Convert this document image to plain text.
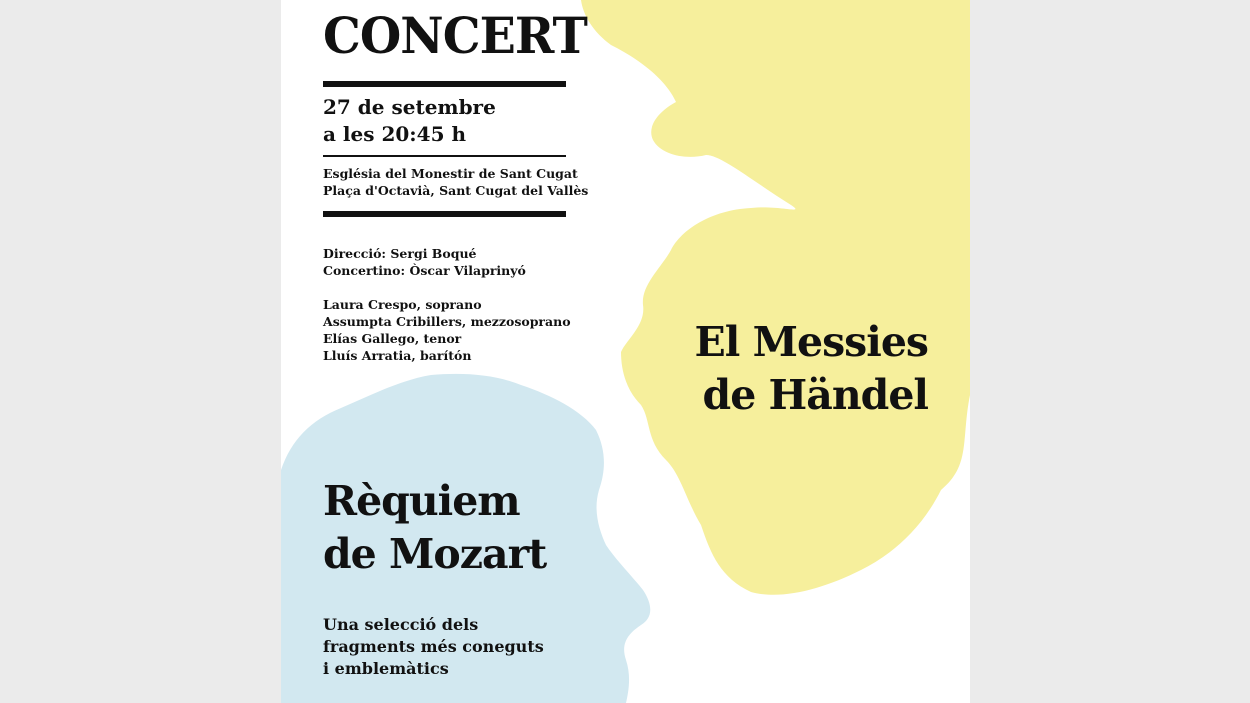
CONCERT
27 de setembre
a les 20:45 h
Església del Monestir de Sant Cugat
Plaça d'Octavià, Sant Cugat del Vallès
Direcció: Sergi Boqué
Concertino: Òscar Vilaprinyó
Laura Crespo, soprano
Assumpta Cribillers, mezzosoprano
Elías Gallego, tenor
Lluís Arratia, barítón	El Messies
de Händel
Rèquiem
de Mozart
Una selecció dels
fragments més coneguts
i emblemàtics
